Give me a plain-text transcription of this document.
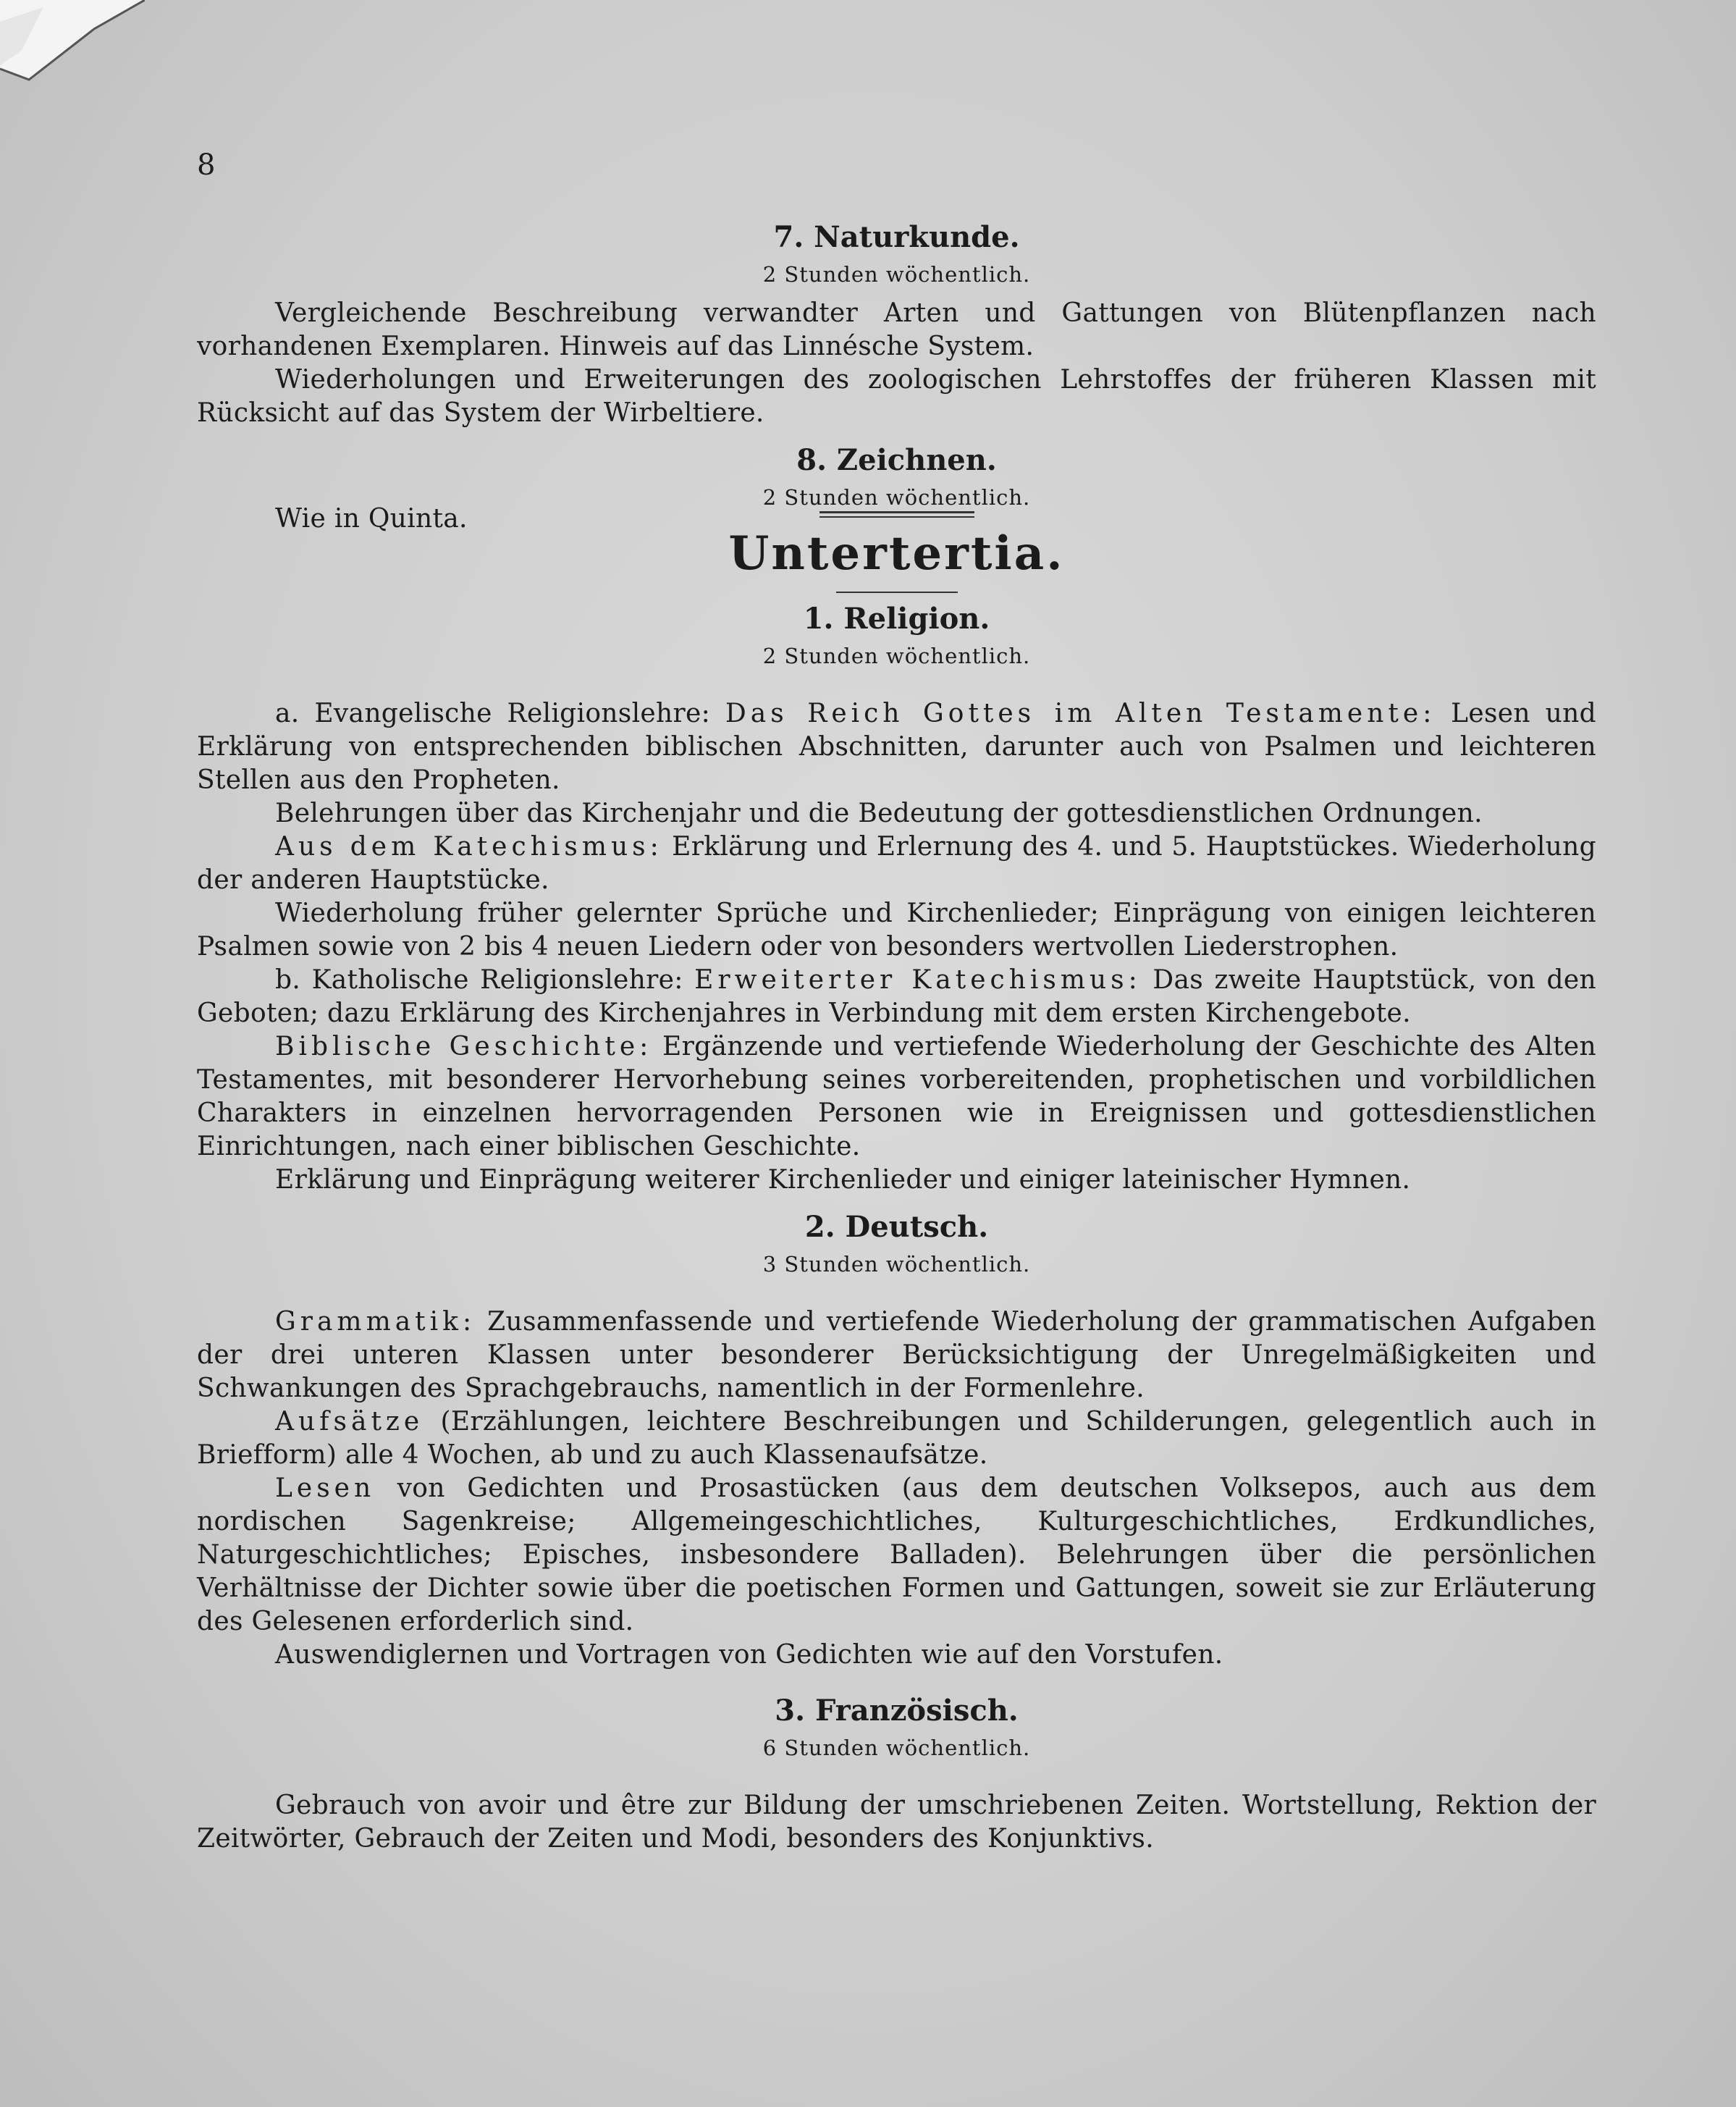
8
7. Naturkunde.
2 Stunden wöchentlich.

Vergleichende Beschreibung verwandter Arten und Gattungen von Blütenpflanzen nach vorhandenen Exemplaren. Hinweis auf das Linnésche System.

Wiederholungen und Erweiterungen des zoologischen Lehrstoffes der früheren Klassen mit Rücksicht auf das System der Wirbeltiere.

8. Zeichnen.
2 Stunden wöchentlich.

Wie in Quinta.

Untertertia.
1. Religion.
2 Stunden wöchentlich.

a. Evangelische Religionslehre: Das Reich Gottes im Alten Testamente: Lesen und Erklärung von entsprechenden biblischen Abschnitten, darunter auch von Psalmen und leichteren Stellen aus den Propheten.

Belehrungen über das Kirchenjahr und die Bedeutung der gottesdienstlichen Ordnungen.

Aus dem Katechismus: Erklärung und Erlernung des 4. und 5. Hauptstückes. Wiederholung der anderen Hauptstücke.

Wiederholung früher gelernter Sprüche und Kirchenlieder; Einprägung von einigen leichteren Psalmen sowie von 2 bis 4 neuen Liedern oder von besonders wertvollen Liederstrophen.

b. Katholische Religionslehre: Erweiterter Katechismus: Das zweite Hauptstück, von den Geboten; dazu Erklärung des Kirchenjahres in Verbindung mit dem ersten Kirchengebote.

Biblische Geschichte: Ergänzende und vertiefende Wiederholung der Geschichte des Alten Testamentes, mit besonderer Hervorhebung seines vorbereitenden, prophetischen und vorbildlichen Charakters in einzelnen hervorragenden Personen wie in Ereignissen und gottesdienstlichen Einrichtungen, nach einer biblischen Geschichte.

Erklärung und Einprägung weiterer Kirchenlieder und einiger lateinischer Hymnen.

2. Deutsch.
3 Stunden wöchentlich.

Grammatik: Zusammenfassende und vertiefende Wiederholung der grammatischen Aufgaben der drei unteren Klassen unter besonderer Berücksichtigung der Unregelmäßigkeiten und Schwankungen des Sprachgebrauchs, namentlich in der Formenlehre.

Aufsätze (Erzählungen, leichtere Beschreibungen und Schilderungen, gelegentlich auch in Briefform) alle 4 Wochen, ab und zu auch Klassenaufsätze.

Lesen von Gedichten und Prosastücken (aus dem deutschen Volksepos, auch aus dem nordischen Sagenkreise; Allgemeingeschichtliches, Kulturgeschichtliches, Erdkundliches, Naturgeschichtliches; Episches, insbesondere Balladen). Belehrungen über die persönlichen Verhältnisse der Dichter sowie über die poetischen Formen und Gattungen, soweit sie zur Erläuterung des Gelesenen erforderlich sind.

Auswendiglernen und Vortragen von Gedichten wie auf den Vorstufen.

3. Französisch.
6 Stunden wöchentlich.

Gebrauch von avoir und être zur Bildung der umschriebenen Zeiten. Wortstellung, Rektion der Zeitwörter, Gebrauch der Zeiten und Modi, besonders des Konjunktivs.
